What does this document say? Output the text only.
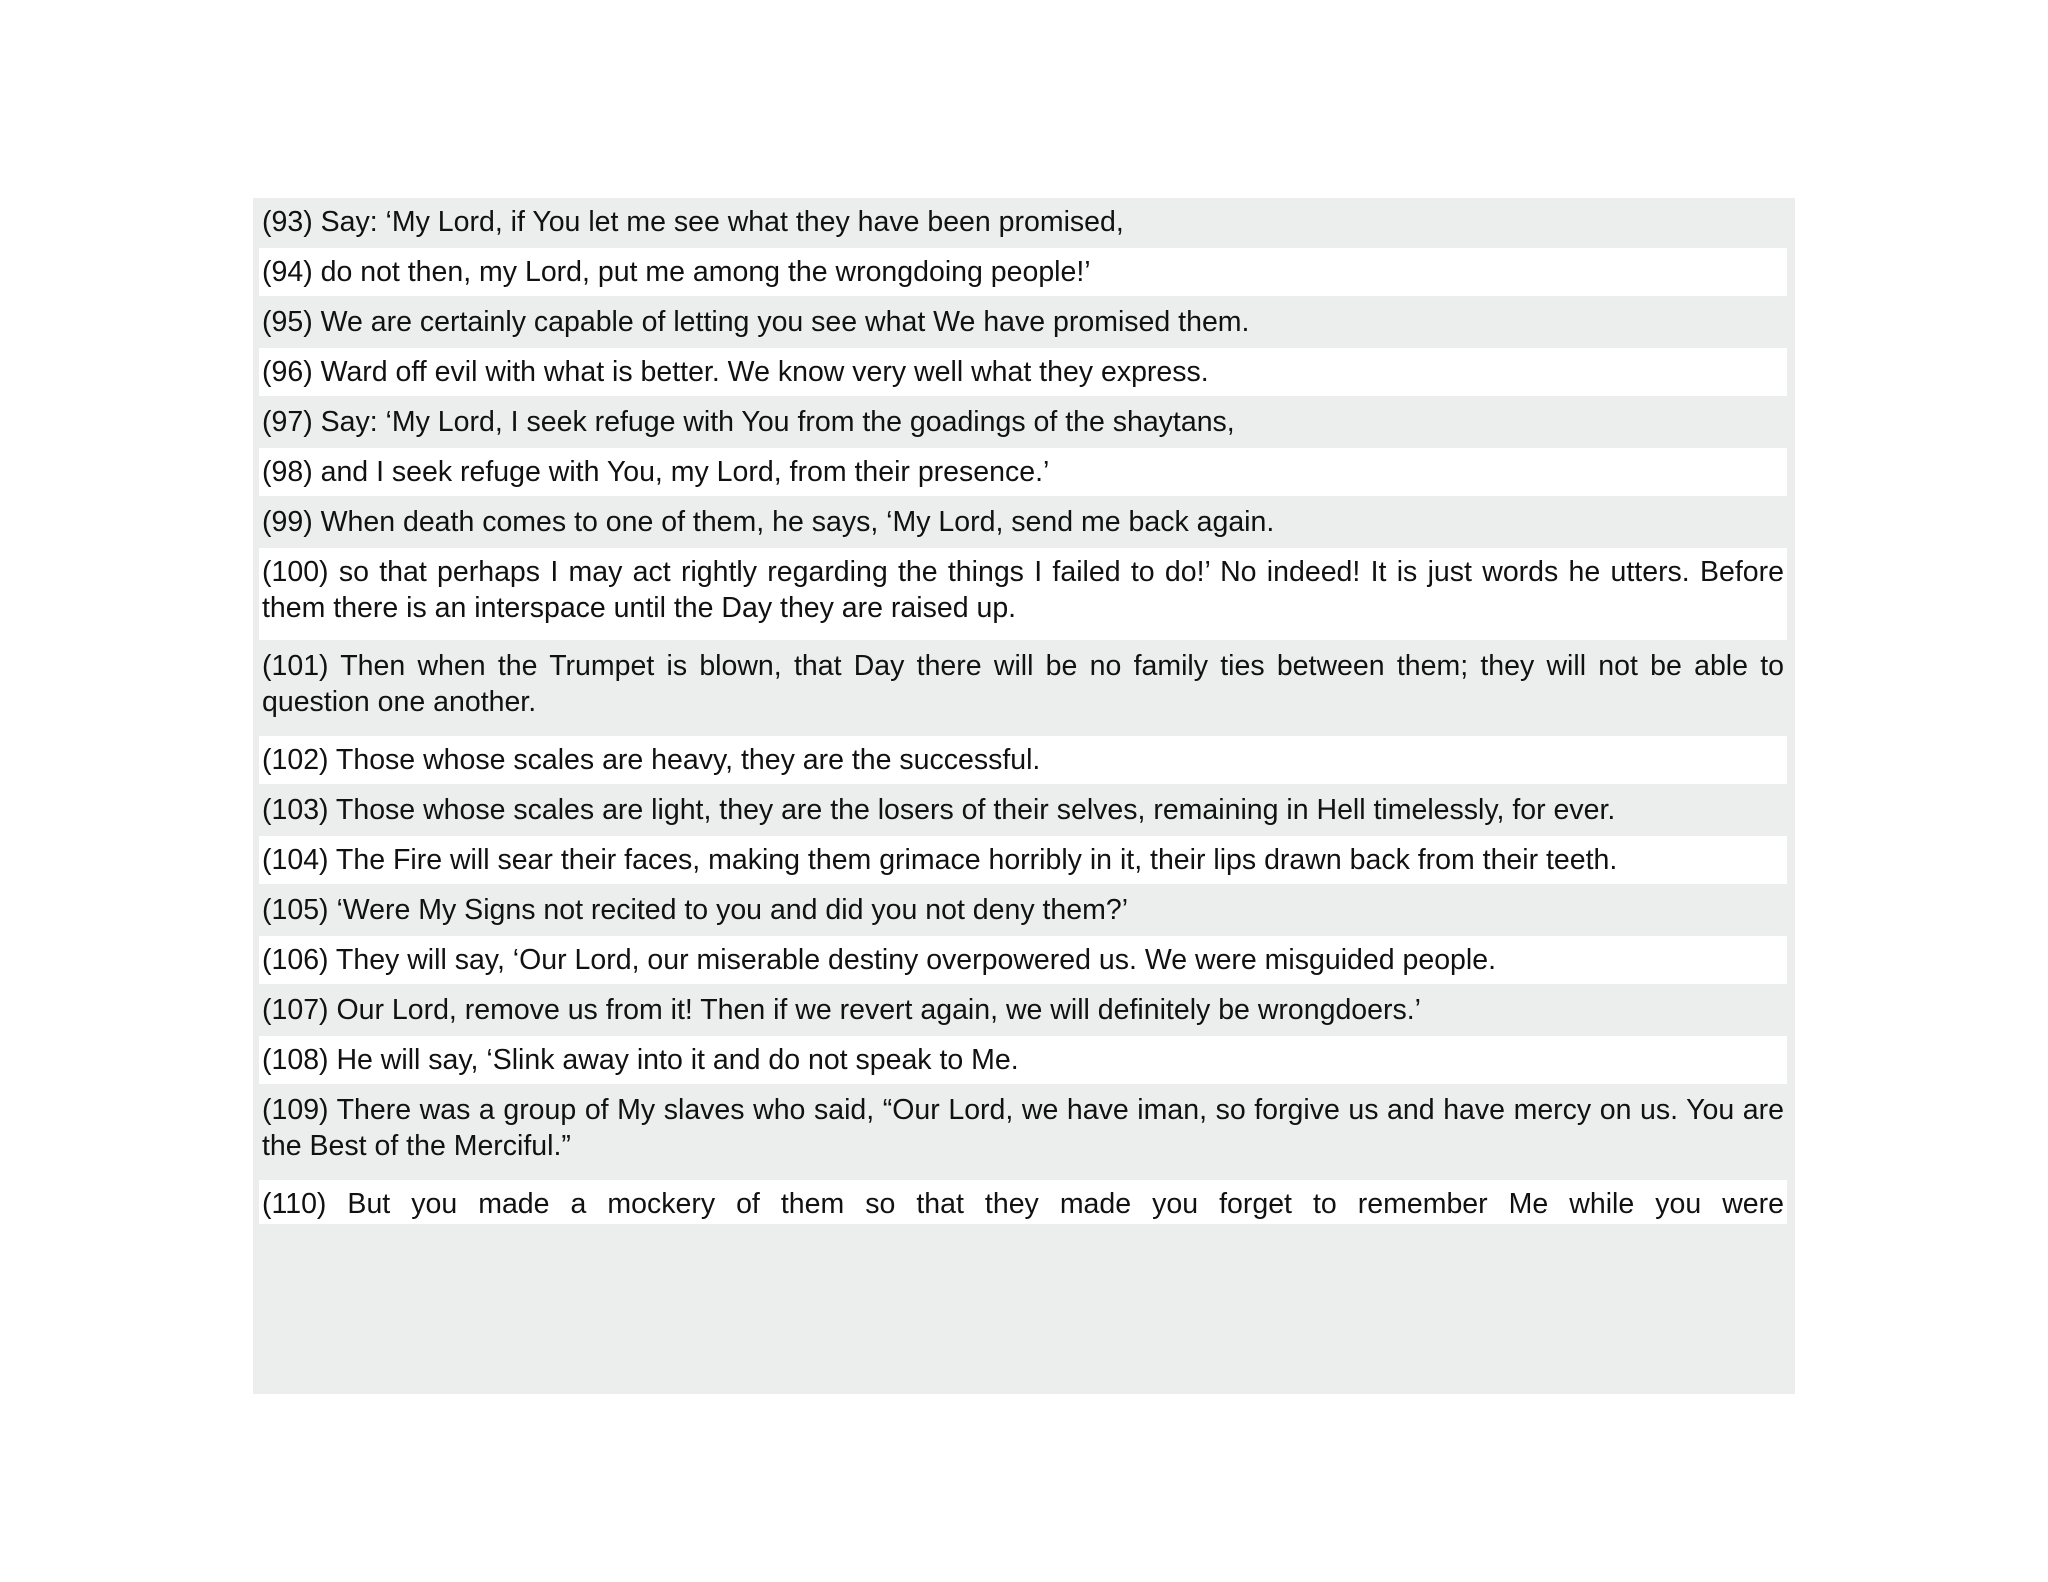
(93) Say: ‘My Lord, if You let me see what they have been promised,
(94) do not then, my Lord, put me among the wrongdoing people!’
(95) We are certainly capable of letting you see what We have promised them.
(96) Ward off evil with what is better. We know very well what they express.
(97) Say: ‘My Lord, I seek refuge with You from the goadings of the shaytans,
(98) and I seek refuge with You, my Lord, from their presence.’
(99) When death comes to one of them, he says, ‘My Lord, send me back again.
(100) so that perhaps I may act rightly regarding the things I failed to do!’ No indeed! It is just words he utters. Before them there is an interspace until the Day they are raised up.
(101) Then when the Trumpet is blown, that Day there will be no family ties between them; they will not be able to question one another.
(102) Those whose scales are heavy, they are the successful.
(103) Those whose scales are light, they are the losers of their selves, remaining in Hell timelessly, for ever.
(104) The Fire will sear their faces, making them grimace horribly in it, their lips drawn back from their teeth.
(105) ‘Were My Signs not recited to you and did you not deny them?’
(106) They will say, ‘Our Lord, our miserable destiny overpowered us. We were misguided people.
(107) Our Lord, remove us from it! Then if we revert again, we will definitely be wrongdoers.’
(108) He will say, ‘Slink away into it and do not speak to Me.
(109) There was a group of My slaves who said, “Our Lord, we have iman, so forgive us and have mercy on us. You are the Best of the Merciful.”
(110) But you made a mockery of them so that they made you forget to remember Me while you were
